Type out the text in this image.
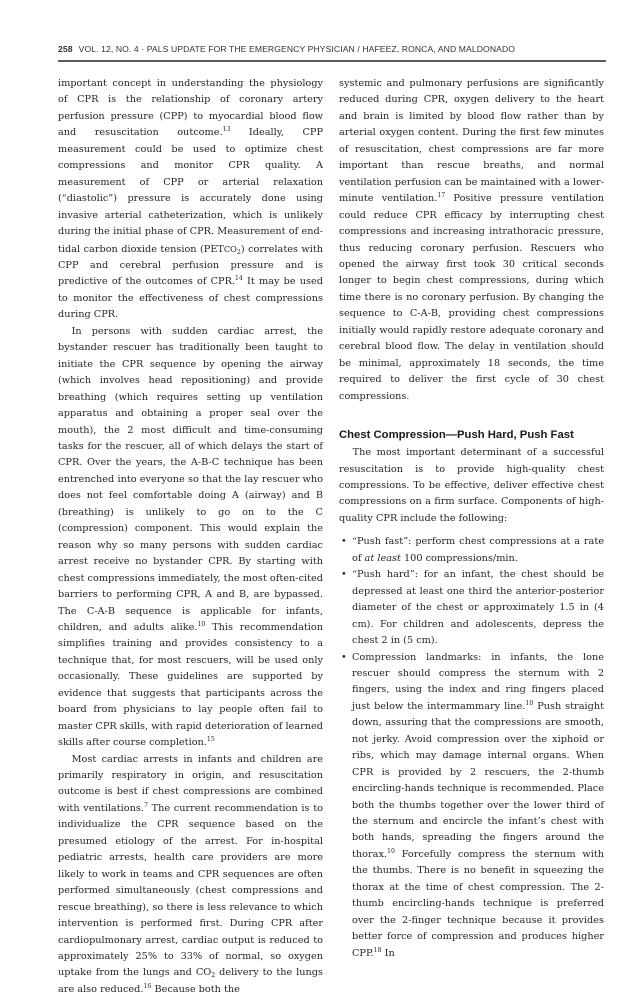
258 VOL. 12, NO. 4 · PALS UPDATE FOR THE EMERGENCY PHYSICIAN / HAFEEZ, RONCA, AND MALDONADO

important concept in understanding the physiology of CPR is the relationship of coronary artery perfusion pressure (CPP) to myocardial blood flow and resuscitation outcome.$^{13}$ Ideally, CPP measurement could be used to optimize chest compressions and monitor CPR quality. A measurement of CPP or arterial relaxation (“diastolic”) pressure is accurately done using invasive arterial catheterization, which is unlikely during the initial phase of CPR. Measurement of end-tidal carbon dioxide tension $(PETCO_2)$ correlates with CPP and cerebral perfusion pressure and is predictive of the outcomes of CPR.$^{14}$ It may be used to monitor the effectiveness of chest compressions during CPR.

In persons with sudden cardiac arrest, the bystander rescuer has traditionally been taught to initiate the CPR sequence by opening the airway (which involves head repositioning) and provide breathing (which requires setting up ventilation apparatus and obtaining a proper seal over the mouth), the 2 most difficult and time-consuming tasks for the rescuer, all of which delays the start of CPR. Over the years, the A-B-C technique has been entrenched into everyone so that the lay rescuer who does not feel comfortable doing A (airway) and B (breathing) is unlikely to go on to the C (compression) component. This would explain the reason why so many persons with sudden cardiac arrest receive no bystander CPR. By starting with chest compressions immediately, the most often-cited barriers to performing CPR, A and B, are bypassed. The C-A-B sequence is applicable for infants, children, and adults alike.$^{10}$ This recommendation simplifies training and provides consistency to a technique that, for most rescuers, will be used only occasionally. These guidelines are supported by evidence that suggests that participants across the board from physicians to lay people often fail to master CPR skills, with rapid deterioration of learned skills after course completion.$^{15}$

Most cardiac arrests in infants and children are primarily respiratory in origin, and resuscitation outcome is best if chest compressions are combined with ventilations.$^7$ The current recommendation is to individualize the CPR sequence based on the presumed etiology of the arrest. For in-hospital pediatric arrests, health care providers are more likely to work in teams and CPR sequences are often performed simultaneously (chest compressions and rescue breathing), so there is less relevance to which intervention is performed first. During CPR after cardiopulmonary arrest, cardiac output is reduced to approximately 25% to 33% of normal, so oxygen uptake from the lungs and $CO_2$ delivery to the lungs are also reduced.$^{16}$ Because both the

systemic and pulmonary perfusions are significantly reduced during CPR, oxygen delivery to the heart and brain is limited by blood flow rather than by arterial oxygen content. During the first few minutes of resuscitation, chest compressions are far more important than rescue breaths, and normal ventilation perfusion can be maintained with a lower-minute ventilation.$^{17}$ Positive pressure ventilation could reduce CPR efficacy by interrupting chest compressions and increasing intrathoracic pressure, thus reducing coronary perfusion. Rescuers who opened the airway first took 30 critical seconds longer to begin chest compressions, during which time there is no coronary perfusion. By changing the sequence to C-A-B, providing chest compressions initially would rapidly restore adequate coronary and cerebral blood flow. The delay in ventilation should be minimal, approximately 18 seconds, the time required to deliver the first cycle of 30 chest compressions.

Chest Compression—Push Hard, Push Fast

The most important determinant of a successful resuscitation is to provide high-quality chest compressions. To be effective, deliver effective chest compressions on a firm surface. Components of high-quality CPR include the following:

• “Push fast”: perform chest compressions at a rate of at least 100 compressions/min.
• “Push hard”: for an infant, the chest should be depressed at least one third the anterior-posterior diameter of the chest or approximately 1.5 in (4 cm). For children and adolescents, depress the chest 2 in (5 cm).
• Compression landmarks: in infants, the lone rescuer should compress the sternum with 2 fingers, using the index and ring fingers placed just below the intermammary line.$^{10}$ Push straight down, assuring that the compressions are smooth, not jerky. Avoid compression over the xiphoid or ribs, which may damage internal organs. When CPR is provided by 2 rescuers, the 2-thumb encircling-hands technique is recommended. Place both the thumbs together over the lower third of the sternum and encircle the infant’s chest with both hands, spreading the fingers around the thorax.$^{10}$ Forcefully compress the sternum with the thumbs. There is no benefit in squeezing the thorax at the time of chest compression. The 2-thumb encircling-hands technique is preferred over the 2-finger technique because it provides better force of compression and produces higher CPP.$^{18}$ In
